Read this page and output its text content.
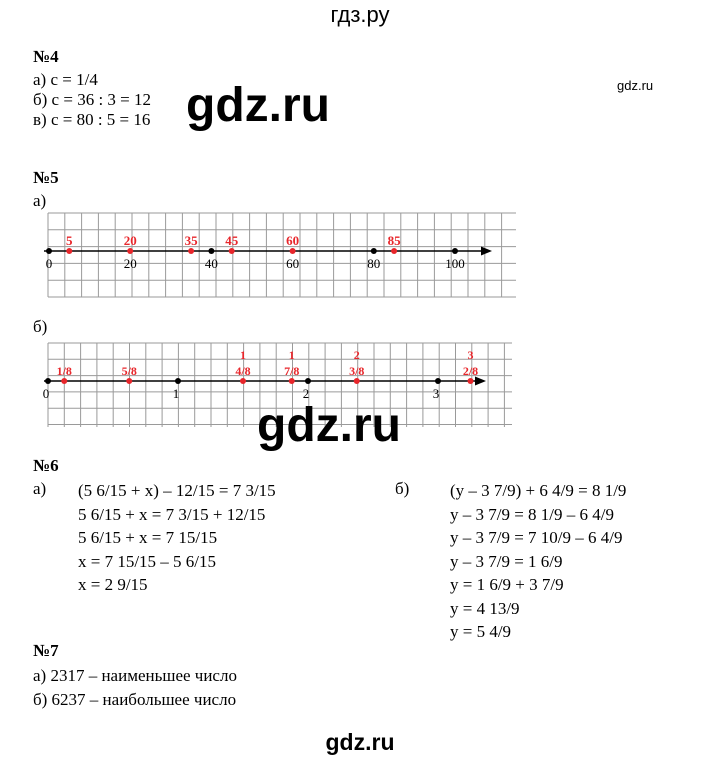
гдз.ру
№4
а) с = 1/4
б) с = 36 : 3 = 12
в) с = 80 : 5 = 16 gdz.ru	gdz.ru
№5
а)
0	40	80	100
20	60
5	20	35 45	60	85
б)
0	1	2	3
1/8	5/8	4/8
1
7/8
1
3/8
2
2/8
3
gdz.ru
№6
а) (5 6/15 + x) – 12/15 = 7 3/15
5 6/15 + x = 7 3/15 + 12/15
5 6/15 + x = 7 15/15
x = 7 15/15 – 5 6/15
x = 2 9/15
б) (y – 3 7/9) + 6 4/9 = 8 1/9
y – 3 7/9 = 8 1/9 – 6 4/9
y – 3 7/9 = 7 10/9 – 6 4/9
y – 3 7/9 = 1 6/9
y = 1 6/9 + 3 7/9
y = 4 13/9
y = 5 4/9
№7
а) 2317 – наименьшее число
б) 6237 – наибольшее число
gdz.ru
